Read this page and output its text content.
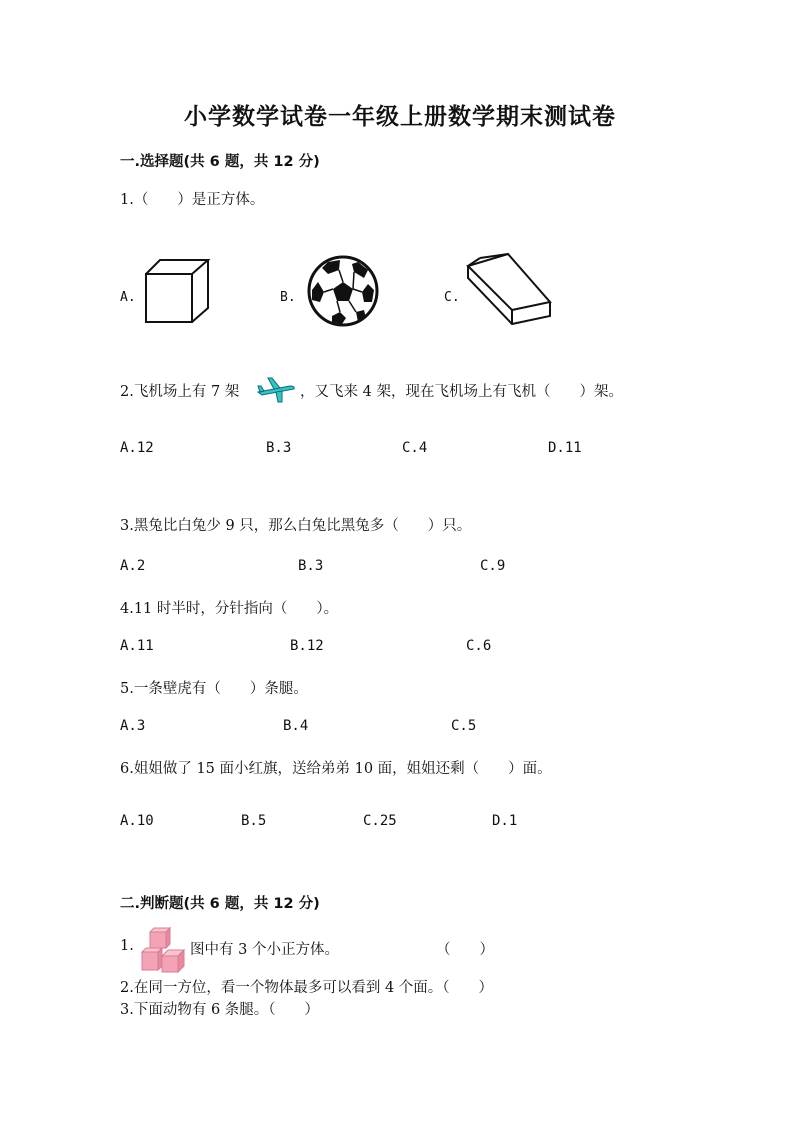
小学数学试卷一年级上册数学期末测试卷
一.选择题(共 6 题，共 12 分)
1.（　　）是正方体。
A.	B.	C.
2.飞机场上有 7 架	，又飞来 4 架，现在飞机场上有飞机（　　）架。
A.12	B.3	C.4	D.11
3.黑兔比白兔少 9 只，那么白兔比黑兔多（　　）只。
A.2	B.3	C.9
4.11 时半时，分针指向（　　）。
A.11	B.12	C.6
5.一条壁虎有（　　）条腿。
A.3	B.4	C.5
6.姐姐做了 15 面小红旗，送给弟弟 10 面，姐姐还剩（　　）面。
A.10	B.5	C.25	D.1
二.判断题(共 6 题，共 12 分)
1.	图中有 3 个小正方体。	（　　）
2.在同一方位，看一个物体最多可以看到 4 个面。（　　）
3.下面动物有 6 条腿。（　　）
